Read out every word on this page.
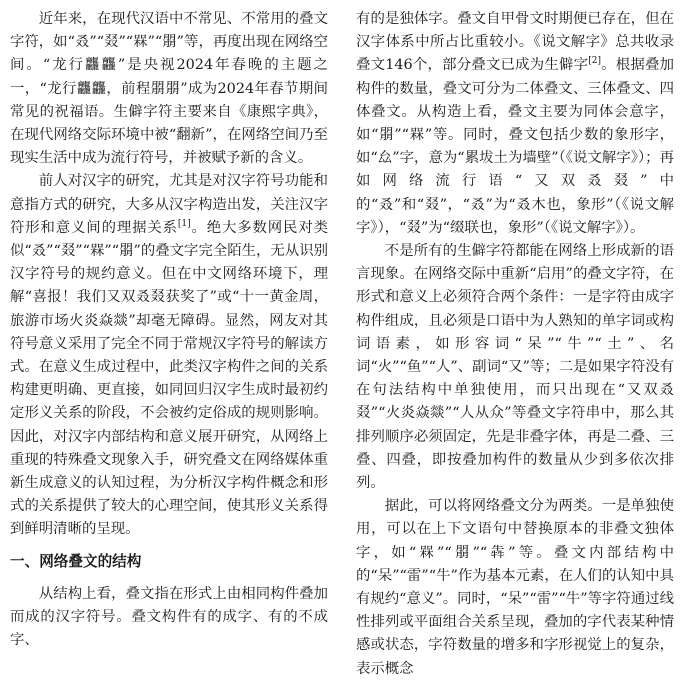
近年来，在现代汉语中不常见、不常用的叠文字符，如“叒”“叕”“槑”“朤”等，再度出现在网络空间。“龙行龘龘”是央视2024年春晚的主题之一，“龙行龘龘，前程朤朤”成为2024年春节期间常见的祝福语。生僻字符主要来自《康熙字典》，在现代网络交际环境中被“翻新”，在网络空间乃至现实生活中成为流行符号，并被赋予新的含义。

前人对汉字的研究，尤其是对汉字符号功能和意指方式的研究，大多从汉字构造出发，关注汉字符形和意义间的理据关系[1]。绝大多数网民对类似“叒”“叕”“槑”“朤”的叠文字完全陌生，无从识别汉字符号的规约意义。但在中文网络环境下，理解“喜报！我们又双叒叕获奖了”或“十一黄金周，旅游市场火炎焱燚”却毫无障碍。显然，网友对其符号意义采用了完全不同于常规汉字符号的解读方式。在意义生成过程中，此类汉字构件之间的关系构建更明确、更直接，如同回归汉字生成时最初约定形义关系的阶段，不会被约定俗成的规则影响。因此，对汉字内部结构和意义展开研究，从网络上重现的特殊叠文现象入手，研究叠文在网络媒体重新生成意义的认知过程，为分析汉字构件概念和形式的关系提供了较大的心理空间，使其形义关系得到鲜明清晰的呈现。

一、网络叠文的结构

从结构上看，叠文指在形式上由相同构件叠加而成的汉字符号。叠文构件有的成字、有的不成字、

有的是独体字。叠文自甲骨文时期便已存在，但在汉字体系中所占比重较小。《说文解字》总共收录叠文146个，部分叠文已成为生僻字[2]。根据叠加构件的数量，叠文可分为二体叠文、三体叠文、四体叠文。从构造上看，叠文主要为同体会意字，如“朤”“槑”等。同时，叠文包括少数的象形字，如“厽”字，意为“累坺土为墙壁”（《说文解字》）；再如网络流行语“又双叒叕”中的“叒”和“叕”，“叒”为“叒木也，象形”（《说文解字》），“叕”为“缀联也，象形”（《说文解字》）。

不是所有的生僻字符都能在网络上形成新的语言现象。在网络交际中重新“启用”的叠文字符，在形式和意义上必须符合两个条件：一是字符由成字构件组成，且必须是口语中为人熟知的单字词或构词语素，如形容词“呆”“牛”“土”、名词“火”“鱼”“人”、副词“又”等；二是如果字符没有在句法结构中单独使用，而只出现在“又双叒叕”“火炎焱燚”“人从众”等叠文字符串中，那么其排列顺序必须固定，先是非叠字体，再是二叠、三叠、四叠，即按叠加构件的数量从少到多依次排列。

据此，可以将网络叠文分为两类。一是单独使用，可以在上下文语句中替换原本的非叠文独体字，如“槑”“朤”“犇”等。叠文内部结构中的“呆”“雷”“牛”作为基本元素，在人们的认知中具有规约“意义”。同时，“呆”“雷”“牛”等字符通过线性排列或平面组合关系呈现，叠加的字代表某种情感或状态，字符数量的增多和字形视觉上的复杂，表示概念
